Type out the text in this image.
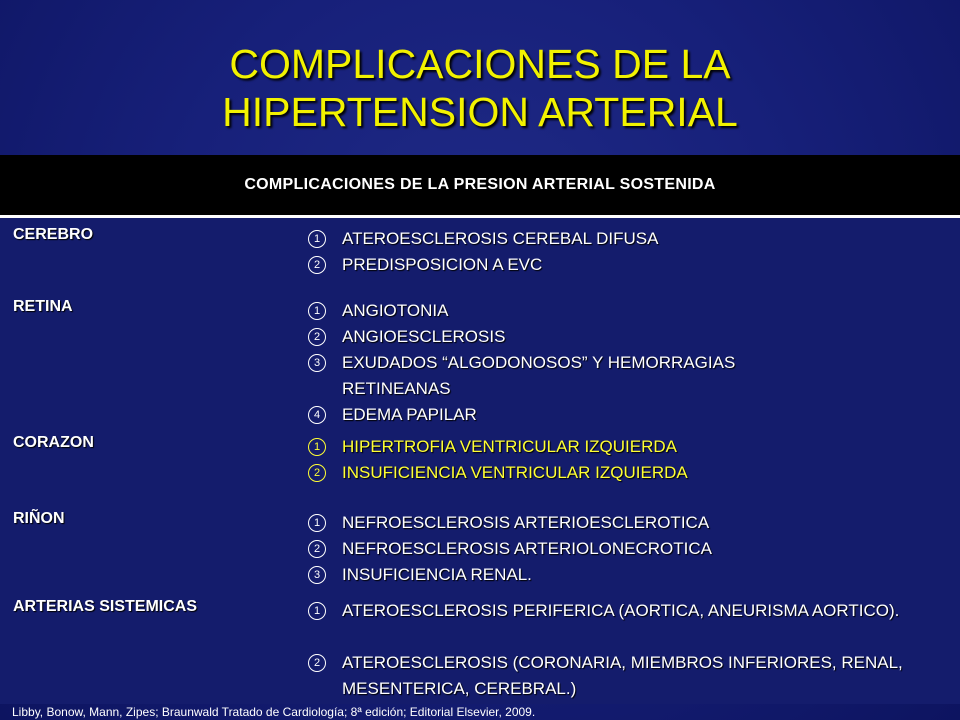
COMPLICACIONES DE LA
HIPERTENSION ARTERIAL
COMPLICACIONES DE LA PRESION ARTERIAL SOSTENIDA
CEREBRO	1	ATEROESCLEROSIS CEREBAL DIFUSA
2	PREDISPOSICION A EVC
RETINA	1	ANGIOTONIA
2	ANGIOESCLEROSIS
3	EXUDADOS “ALGODONOSOS” Y HEMORRAGIAS RETINEANAS
4	EDEMA PAPILAR
CORAZON	1	HIPERTROFIA VENTRICULAR IZQUIERDA
2	INSUFICIENCIA VENTRICULAR IZQUIERDA
RIÑON	1	NEFROESCLEROSIS ARTERIOESCLEROTICA
2	NEFROESCLEROSIS ARTERIOLONECROTICA
3	INSUFICIENCIA RENAL.
ARTERIAS SISTEMICAS	1	ATEROESCLEROSIS PERIFERICA (AORTICA, ANEURISMA AORTICO).
2	ATEROESCLEROSIS (CORONARIA, MIEMBROS INFERIORES, RENAL, MESENTERICA, CEREBRAL.)
Libby, Bonow, Mann, Zipes; Braunwald Tratado de Cardiología; 8ª edición; Editorial Elsevier, 2009.
